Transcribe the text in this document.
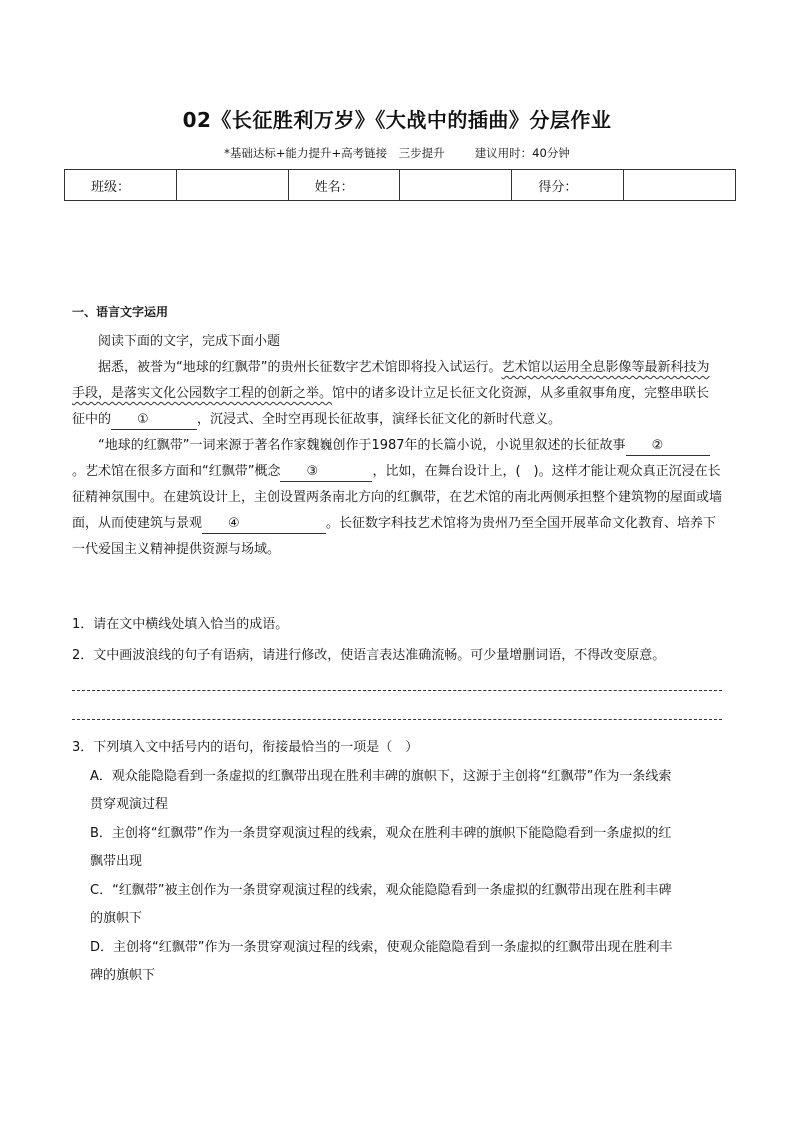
02《长征胜利万岁》《大战中的插曲》分层作业
*基础达标+能力提升+高考链接　三步提升	建议用时：40分钟
班级：		姓名：		得分：	
一、语言文字运用

阅读下面的文字，完成下面小题

据悉，被誉为“地球的红飘带”的贵州长征数字艺术馆即将投入试运行。艺术馆以运用全息影像等最新科技为手段，是落实文化公园数字工程的创新之举。馆中的诸多设计立足长征文化资源，从多重叙事角度，完整串联长征中的 ①	，沉浸式、全时空再现长征故事，演绎长征文化的新时代意义。

“地球的红飘带”一词来源于著名作家魏巍创作于1987年的长篇小说，小说里叙述的长征故事 ②。艺术馆在很多方面和“红飘带”概念 ③	，比如，在舞台设计上，(　)。这样才能让观众真正沉浸在长征精神氛围中。在建筑设计上，主创设置两条南北方向的红飘带，在艺术馆的南北两侧承担整个建筑物的屋面或墙面，从而使建筑与景观 ④	。长征数字科技艺术馆将为贵州乃至全国开展革命文化教育、培养下一代爱国主义精神提供资源与场域。

1．请在文中横线处填入恰当的成语。
2．文中画波浪线的句子有语病，请进行修改，使语言表达准确流畅。可少量增删词语，不得改变原意。

3．下列填入文中括号内的语句，衔接最恰当的一项是（　）

A．观众能隐隐看到一条虚拟的红飘带出现在胜利丰碑的旗帜下，这源于主创将“红飘带”作为一条线索

贯穿观演过程

B．主创将“红飘带”作为一条贯穿观演过程的线索，观众在胜利丰碑的旗帜下能隐隐看到一条虚拟的红

飘带出现

C．“红飘带”被主创作为一条贯穿观演过程的线索，观众能隐隐看到一条虚拟的红飘带出现在胜利丰碑

的旗帜下

D．主创将“红飘带”作为一条贯穿观演过程的线索，使观众能隐隐看到一条虚拟的红飘带出现在胜利丰

碑的旗帜下
